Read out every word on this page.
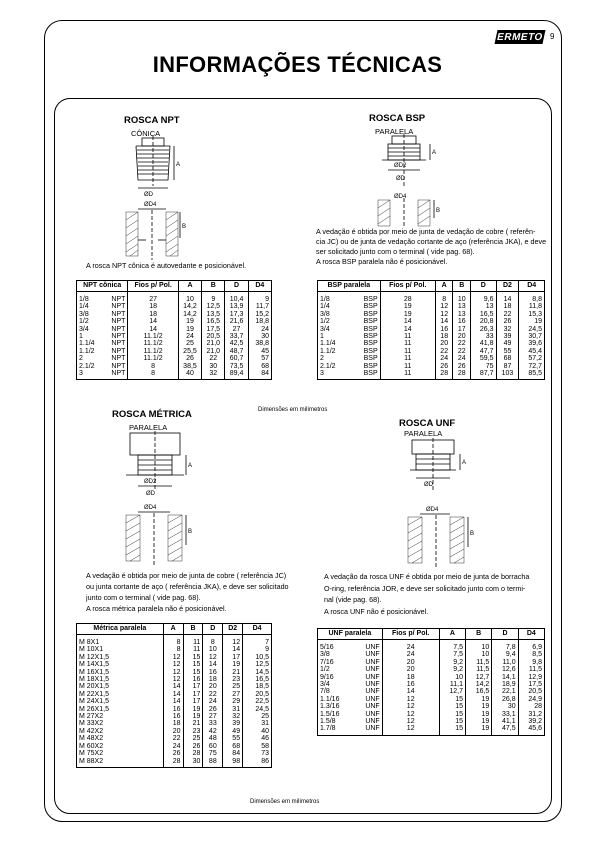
ERMETO 9
INFORMAÇÕES TÉCNICAS
ROSCA NPT
CÔNICA
A
ØD
ØD4
B
A rosca NPT cônica é autovedante e posicionável.
NPT cônica		Fios p/ Pol.	A	B	D	D4
1/8	NPT	27	10	9	10,4	9
1/4	NPT	18	14,2	12,5	13,9	11,7
3/8	NPT	18	14,2	13,5	17,3	15,2
1/2	NPT	14	19	16,5	21,6	18,8
3/4	NPT	14	19	17,5	27	24
1	NPT	11.1/2	24	20,5	33,7	30
1.1/4	NPT	11.1/2	25	21,0	42,5	38,8
1.1/2	NPT	11.1/2	25,5	21,0	48,7	45
2	NPT	11.1/2	26	22	60,7	57
2.1/2	NPT	8	38,5	30	73,5	68
3	NPT	8	40	32	89,4	84
ROSCA BSP
PARALELA
A
ØD2
ØD
ØD4
B
A vedação é obtida por meio de junta de vedação de cobre ( referên-
cia JC) ou de junta de vedação cortante de aço (referência JKA), e deve
ser solicitado junto com o terminal ( vide pag. 68).
A rosca BSP paralela não é posicionável.
BSP paralela		Fios p/ Pol.	A	B	D	D2	D4
1/8	BSP	28	8	10	9,6	14	8,8
1/4	BSP	19	12	13	13	18	11,8
3/8	BSP	19	12	13	16,5	22	15,3
1/2	BSP	14	14	16	20,8	26	19
3/4	BSP	14	16	17	26,3	32	24,5
1	BSP	11	18	20	33	39	30,7
1.1/4	BSP	11	20	22	41,8	49	39,6
1.1/2	BSP	11	22	22	47,7	55	45,4
2	BSP	11	24	24	59,5	68	57,2
2.1/2	BSP	11	26	26	75	87	72,7
3	BSP	11	28	28	87,7	103	85,5
Dimensões em milímetros
ROSCA MÉTRICA
PARALELA
A
ØD2
ØD
ØD4
B
A vedação é obtida por meio de junta de cobre ( referência JC)
ou junta cortante de aço ( referência JKA), e deve ser solicitado
junto com o terminal ( vide pag. 68).
A rosca métrica paralela não é posicionável.
Métrica paralela	A	B	D	D2	D4
M 8X1	8	11	8	12	7
M 10X1	8	11	10	14	9
M 12X1,5	12	15	12	17	10,5
M 14X1,5	12	15	14	19	12,5
M 16X1,5	12	15	16	21	14,5
M 18X1,5	12	16	18	23	16,5
M 20X1,5	14	17	20	25	18,5
M 22X1,5	14	17	22	27	20,5
M 24X1,5	14	17	24	29	22,5
M 26X1,5	16	19	26	31	24,5
M 27X2	16	19	27	32	25
M 33X2	18	21	33	39	31
M 42X2	20	23	42	49	40
M 48X2	22	25	48	55	46
M 60X2	24	26	60	68	58
M 75X2	26	28	75	84	73
M 88X2	28	30	88	98	86
Dimensões em milímetros
ROSCA UNF
PARALELA
A
ØD
ØD4
B
A vedação da rosca UNF é obtida por meio de junta de borracha
O-ring, referência JOR, e deve ser solicitado junto com o termi-
nal (vide pag. 68).
A rosca UNF não é posicionável.
UNF paralela		Fios p/ Pol.	A	B	D	D4
5/16	UNF	24	7,5	10	7,8	6,9
3/8	UNF	24	7,5	10	9,4	8,5
7/16	UNF	20	9,2	11,5	11,0	9,8
1/2	UNF	20	9,2	11,5	12,6	11,5
9/16	UNF	18	10	12,7	14,1	12,9
3/4	UNF	16	11,1	14,2	18,9	17,5
7/8	UNF	14	12,7	16,5	22,1	20,5
1.1/16	UNF	12	15	19	26,8	24,9
1.3/16	UNF	12	15	19	30	28
1.5/16	UNF	12	15	19	33,1	31,2
1.5/8	UNF	12	15	19	41,1	39,2
1.7/8	UNF	12	15	19	47,5	45,6
